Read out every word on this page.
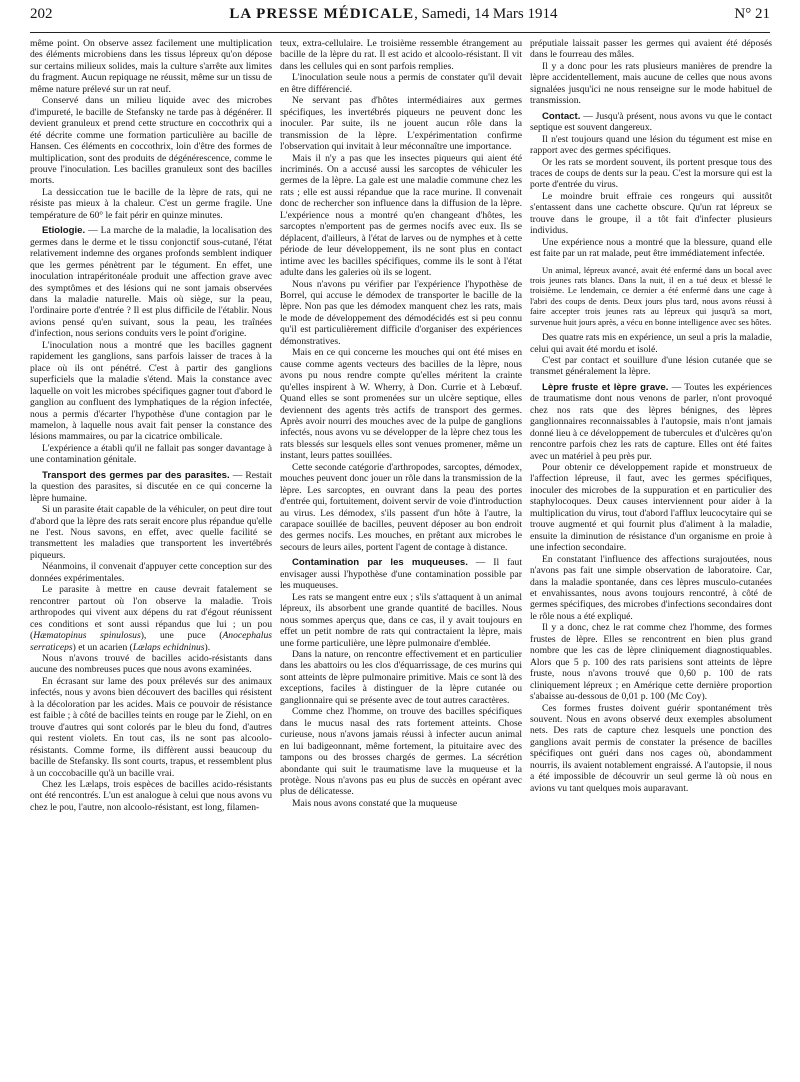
202	LA PRESSE MÉDICALE, Samedi, 14 Mars 1914	N° 21

même point. On observe assez facilement une multiplication des éléments microbiens dans les tissus lépreux qu'on dépose sur certains milieux solides, mais la culture s'arrête aux limites du fragment. Aucun repiquage ne réussit, même sur un tissu de même nature prélevé sur un rat neuf.

Conservé dans un milieu liquide avec des microbes d'impureté, le bacille de Stefansky ne tarde pas à dégénérer. Il devient granuleux et prend cette structure en coccothrix qui a été décrite comme une formation particulière au bacille de Hansen. Ces éléments en coccothrix, loin d'être des formes de multiplication, sont des produits de dégénérescence, comme le prouve l'inoculation. Les bacilles granuleux sont des bacilles morts.

La dessiccation tue le bacille de la lèpre de rats, qui ne résiste pas mieux à la chaleur. C'est un germe fragile. Une température de 60° le fait périr en quinze minutes.

Etiologie. — La marche de la maladie, la localisation des germes dans le derme et le tissu conjonctif sous-cutané, l'état relativement indemne des organes profonds semblent indiquer que les germes pénètrent par le tégument. En effet, une inoculation intrapéritonéale produit une affection grave avec des symptômes et des lésions qui ne sont jamais observées dans la maladie naturelle. Mais où siège, sur la peau, l'ordinaire porte d'entrée ? Il est plus difficile de l'établir. Nous avions pensé qu'en suivant, sous la peau, les traînées d'infection, nous serions conduits vers le point d'origine.

L'inoculation nous a montré que les bacilles gagnent rapidement les ganglions, sans parfois laisser de traces à la place où ils ont pénétré. C'est à partir des ganglions superficiels que la maladie s'étend. Mais la constance avec laquelle on voit les microbes spécifiques gagner tout d'abord le ganglion au confluent des lymphatiques de la région infectée, nous a permis d'écarter l'hypothèse d'une contagion par le mamelon, à laquelle nous avait fait penser la constance des lésions mammaires, ou par la cicatrice ombilicale.

L'expérience a établi qu'il ne fallait pas songer davantage à une contamination génitale.

Transport des germes par des parasites. — Restait la question des parasites, si discutée en ce qui concerne la lèpre humaine.

Si un parasite était capable de la véhiculer, on peut dire tout d'abord que la lèpre des rats serait encore plus répandue qu'elle ne l'est. Nous savons, en effet, avec quelle facilité se transmettent les maladies que transportent les invertébrés piqueurs.

Néanmoins, il convenait d'appuyer cette conception sur des données expérimentales.

Le parasite à mettre en cause devrait fatalement se rencontrer partout où l'on observe la maladie. Trois arthropodes qui vivent aux dépens du rat d'égout réunissent ces conditions et sont aussi répandus que lui ; un pou (Hæmatopinus spinulosus), une puce (Anocephalus serraticeps) et un acarien (Lælaps echidninus).

Nous n'avons trouvé de bacilles acido-résistants dans aucune des nombreuses puces que nous avons examinées.

En écrasant sur lame des poux prélevés sur des animaux infectés, nous y avons bien découvert des bacilles qui résistent à la décoloration par les acides. Mais ce pouvoir de résistance est faible ; à côté de bacilles teints en rouge par le Ziehl, on en trouve d'autres qui sont colorés par le bleu du fond, d'autres qui restent violets. En tout cas, ils ne sont pas alcoolo-résistants. Comme forme, ils diffèrent aussi beaucoup du bacille de Stefansky. Ils sont courts, trapus, et ressemblent plus à un coccobacille qu'à un bacille vrai.

Chez les Lælaps, trois espèces de bacilles acido-résistants ont été rencontrés. L'un est analogue à celui que nous avons vu chez le pou, l'autre, non alcoolo-résistant, est long, filamen-

teux, extra-cellulaire. Le troisième ressemble étrangement au bacille de la lèpre du rat. Il est acido et alcoolo-résistant. Il vit dans les cellules qui en sont parfois remplies.

L'inoculation seule nous a permis de constater qu'il devait en être différencié.

Ne servant pas d'hôtes intermédiaires aux germes spécifiques, les invertébrés piqueurs ne peuvent donc les inoculer. Par suite, ils ne jouent aucun rôle dans la transmission de la lèpre. L'expérimentation confirme l'observation qui invitait à leur méconnaître une importance.

Mais il n'y a pas que les insectes piqueurs qui aient été incriminés. On a accusé aussi les sarcoptes de véhiculer les germes de la lèpre. La gale est une maladie commune chez les rats ; elle est aussi répandue que la race murine. Il convenait donc de rechercher son influence dans la diffusion de la lèpre. L'expérience nous a montré qu'en changeant d'hôtes, les sarcoptes n'emportent pas de germes nocifs avec eux. Ils se déplacent, d'ailleurs, à l'état de larves ou de nymphes et à cette période de leur développement, ils ne sont plus en contact intime avec les bacilles spécifiques, comme ils le sont à l'état adulte dans les galeries où ils se logent.

Nous n'avons pu vérifier par l'expérience l'hypothèse de Borrel, qui accuse le démodex de transporter le bacille de la lèpre. Non pas que les démodex manquent chez les rats, mais le mode de développement des démodécidés est si peu connu qu'il est particulièrement difficile d'organiser des expériences démonstratives.

Mais en ce qui concerne les mouches qui ont été mises en cause comme agents vecteurs des bacilles de la lèpre, nous avons pu nous rendre compte qu'elles méritent la crainte qu'elles inspirent à W. Wherry, à Don. Currie et à Lebœuf. Quand elles se sont promenées sur un ulcère septique, elles deviennent des agents très actifs de transport des germes. Après avoir nourri des mouches avec de la pulpe de ganglions infectés, nous avons vu se développer de la lèpre chez tous les rats blessés sur lesquels elles sont venues promener, même un instant, leurs pattes souillées.

Cette seconde catégorie d'arthropodes, sarcoptes, démodex, mouches peuvent donc jouer un rôle dans la transmission de la lèpre. Les sarcoptes, en ouvrant dans la peau des portes d'entrée qui, fortuitement, doivent servir de voie d'introduction au virus. Les démodex, s'ils passent d'un hôte à l'autre, la carapace souillée de bacilles, peuvent déposer au bon endroit des germes nocifs. Les mouches, en prêtant aux microbes le secours de leurs ailes, portent l'agent de contage à distance.

Contamination par les muqueuses. — Il faut envisager aussi l'hypothèse d'une contamination possible par les muqueuses.

Les rats se mangent entre eux ; s'ils s'attaquent à un animal lépreux, ils absorbent une grande quantité de bacilles. Nous nous sommes aperçus que, dans ce cas, il y avait toujours en effet un petit nombre de rats qui contractaient la lèpre, mais une forme particulière, une lèpre pulmonaire d'emblée.

Dans la nature, on rencontre effectivement et en particulier dans les abattoirs ou les clos d'équarrissage, de ces murins qui sont atteints de lèpre pulmonaire primitive. Mais ce sont là des exceptions, faciles à distinguer de la lèpre cutanée ou ganglionnaire qui se présente avec de tout autres caractères.

Comme chez l'homme, on trouve des bacilles spécifiques dans le mucus nasal des rats fortement atteints. Chose curieuse, nous n'avons jamais réussi à infecter aucun animal en lui badigeonnant, même fortement, la pituitaire avec des tampons ou des brosses chargés de germes. La sécrétion abondante qui suit le traumatisme lave la muqueuse et la protège. Nous n'avons pas eu plus de succès en opérant avec plus de délicatesse.

Mais nous avons constaté que la muqueuse

préputiale laissait passer les germes qui avaient été déposés dans le fourreau des mâles.

Il y a donc pour les rats plusieurs manières de prendre la lèpre accidentellement, mais aucune de celles que nous avons signalées jusqu'ici ne nous renseigne sur le mode habituel de transmission.

Contact. — Jusqu'à présent, nous avons vu que le contact septique est souvent dangereux.

Il n'est toujours quand une lésion du tégument est mise en rapport avec des germes spécifiques.

Or les rats se mordent souvent, ils portent presque tous des traces de coups de dents sur la peau. C'est la morsure qui est la porte d'entrée du virus.

Le moindre bruit effraie ces rongeurs qui aussitôt s'entassent dans une cachette obscure. Qu'un rat lépreux se trouve dans le groupe, il a tôt fait d'infecter plusieurs individus.

Une expérience nous a montré que la blessure, quand elle est faite par un rat malade, peut être immédiatement infectée.

Un animal, lépreux avancé, avait été enfermé dans un bocal avec trois jeunes rats blancs. Dans la nuit, il en a tué deux et blessé le troisième. Le lendemain, ce dernier a été enfermé dans une cage à l'abri des coups de dents. Deux jours plus tard, nous avons réussi à faire accepter trois jeunes rats au lépreux qui jusqu'à sa mort, survenue huit jours après, a vécu en bonne intelligence avec ses hôtes.

Des quatre rats mis en expérience, un seul a pris la maladie, celui qui avait été mordu et isolé.

C'est par contact et souillure d'une lésion cutanée que se transmet généralement la lèpre.

Lèpre fruste et lèpre grave. — Toutes les expériences de traumatisme dont nous venons de parler, n'ont provoqué chez nos rats que des lèpres bénignes, des lèpres ganglionnaires reconnaissables à l'autopsie, mais n'ont jamais donné lieu à ce développement de tubercules et d'ulcères qu'on rencontre parfois chez les rats de capture. Elles ont été faites avec un matériel à peu près pur.

Pour obtenir ce développement rapide et monstrueux de l'affection lépreuse, il faut, avec les germes spécifiques, inoculer des microbes de la suppuration et en particulier des staphylocoques. Deux causes interviennent pour aider à la multiplication du virus, tout d'abord l'afflux leucocytaire qui se trouve augmenté et qui fournit plus d'aliment à la maladie, ensuite la diminution de résistance d'un organisme en proie à une infection secondaire.

En constatant l'influence des affections surajoutées, nous n'avons pas fait une simple observation de laboratoire. Car, dans la maladie spontanée, dans ces lèpres musculo-cutanées et envahissantes, nous avons toujours rencontré, à côté de germes spécifiques, des microbes d'infections secondaires dont le rôle nous a été expliqué.

Il y a donc, chez le rat comme chez l'homme, des formes frustes de lèpre. Elles se rencontrent en bien plus grand nombre que les cas de lèpre cliniquement diagnostiquables. Alors que 5 p. 100 des rats parisiens sont atteints de lèpre fruste, nous n'avons trouvé que 0,60 p. 100 de rats cliniquement lépreux ; en Amérique cette dernière proportion s'abaisse au-dessous de 0,01 p. 100 (Mc Coy).

Ces formes frustes doivent guérir spontanément très souvent. Nous en avons observé deux exemples absolument nets. Des rats de capture chez lesquels une ponction des ganglions avait permis de constater la présence de bacilles spécifiques ont guéri dans nos cages où, abondamment nourris, ils avaient notablement engraissé. A l'autopsie, il nous a été impossible de découvrir un seul germe là où nous en avions vu tant quelques mois auparavant.
